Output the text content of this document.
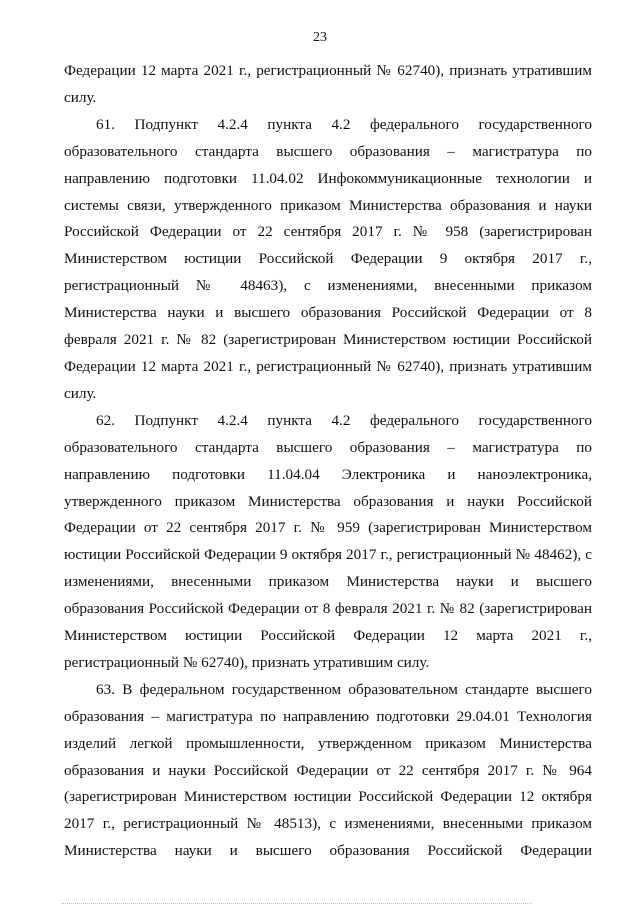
23

Федерации 12 марта 2021 г., регистрационный № 62740), признать утратившим силу.

61. Подпункт 4.2.4 пункта 4.2 федерального государственного образовательного стандарта высшего образования – магистратура по направлению подготовки 11.04.02 Инфокоммуникационные технологии и системы связи, утвержденного приказом Министерства образования и науки Российской Федерации от 22 сентября 2017 г. № 958 (зарегистрирован Министерством юстиции Российской Федерации 9 октября 2017 г., регистрационный № 48463), с изменениями, внесенными приказом Министерства науки и высшего образования Российской Федерации от 8 февраля 2021 г. № 82 (зарегистрирован Министерством юстиции Российской Федерации 12 марта 2021 г., регистрационный № 62740), признать утратившим силу.

62. Подпункт 4.2.4 пункта 4.2 федерального государственного образовательного стандарта высшего образования – магистратура по направлению подготовки 11.04.04 Электроника и наноэлектроника, утвержденного приказом Министерства образования и науки Российской Федерации от 22 сентября 2017 г. № 959 (зарегистрирован Министерством юстиции Российской Федерации 9 октября 2017 г., регистрационный № 48462), с изменениями, внесенными приказом Министерства науки и высшего образования Российской Федерации от 8 февраля 2021 г. № 82 (зарегистрирован Министерством юстиции Российской Федерации 12 марта 2021 г., регистрационный № 62740), признать утратившим силу.

63. В федеральном государственном образовательном стандарте высшего образования – магистратура по направлению подготовки 29.04.01 Технология изделий легкой промышленности, утвержденном приказом Министерства образования и науки Российской Федерации от 22 сентября 2017 г. № 964 (зарегистрирован Министерством юстиции Российской Федерации 12 октября 2017 г., регистрационный № 48513), с изменениями, внесенными приказом Министерства науки и высшего образования Российской Федерации
